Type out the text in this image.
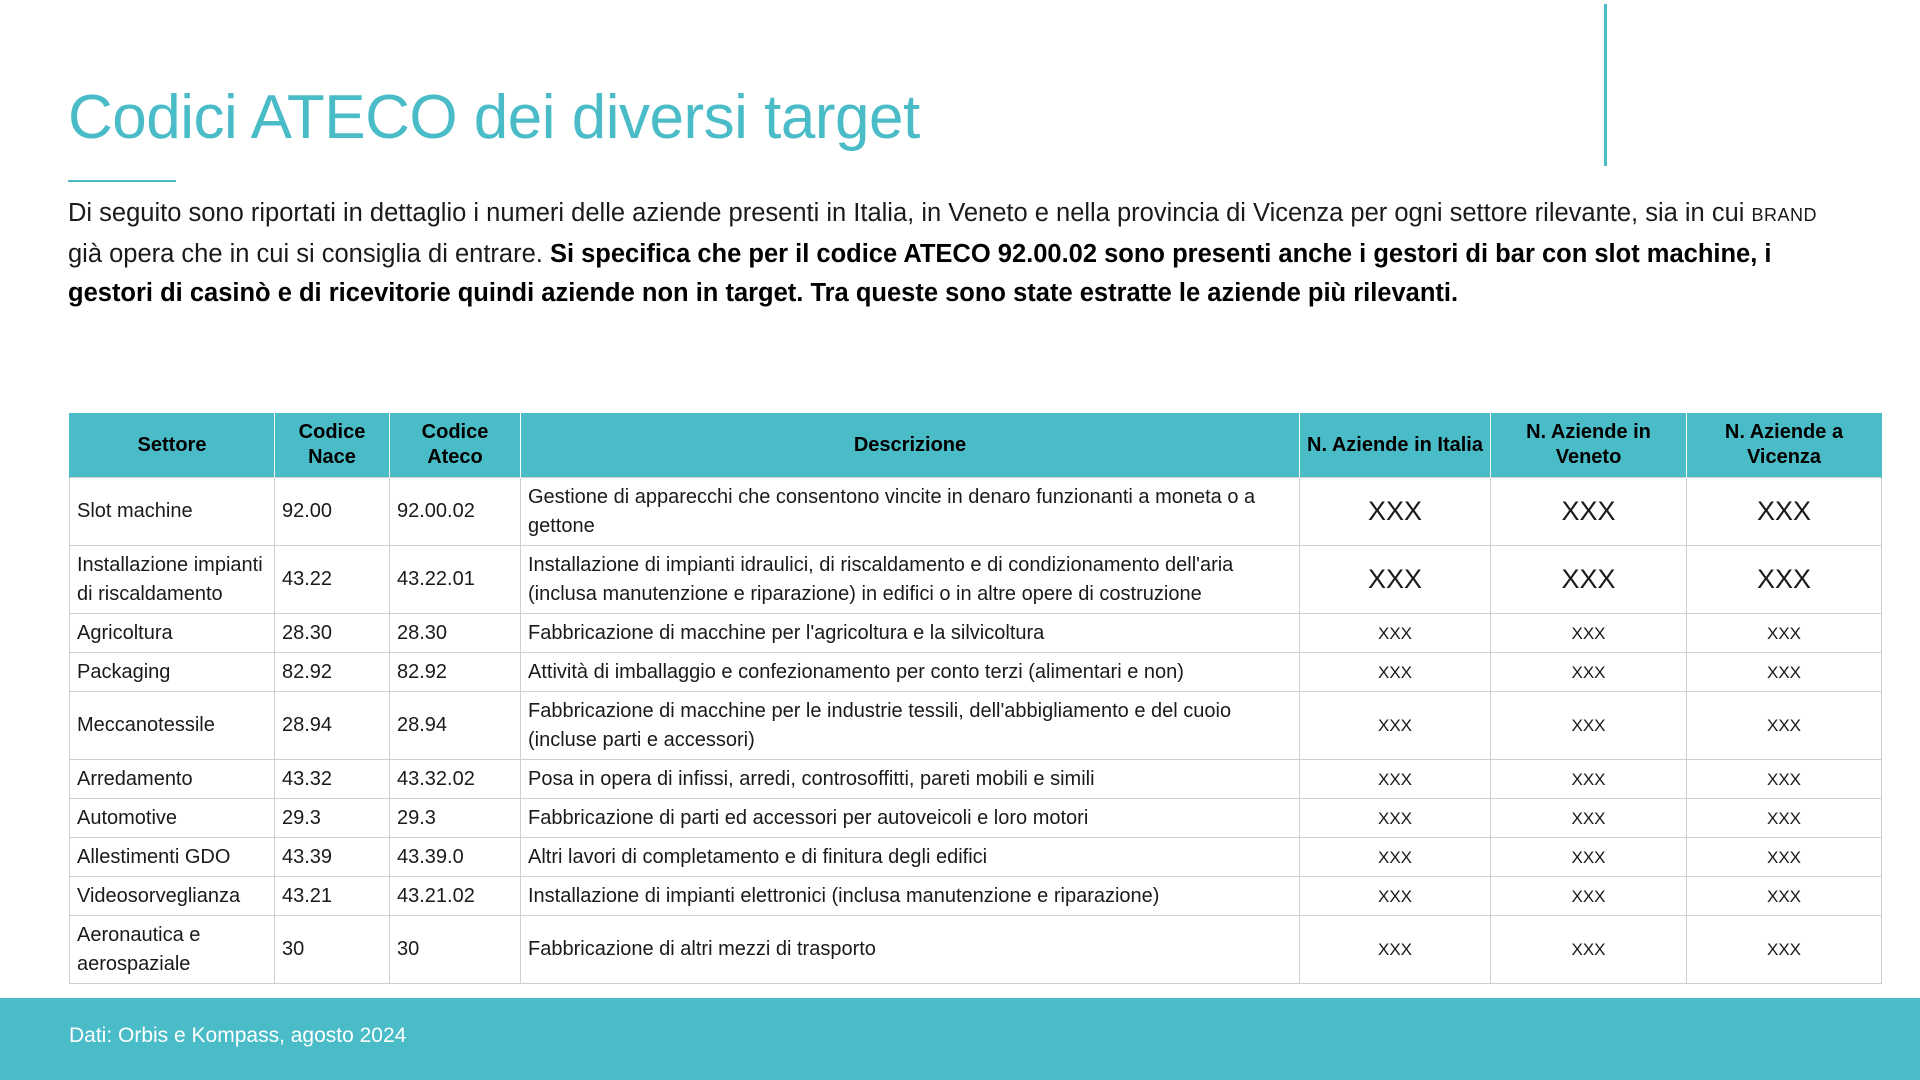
Codici ATECO dei diversi target

Di seguito sono riportati in dettaglio i numeri delle aziende presenti in Italia, in Veneto e nella provincia di Vicenza per ogni settore rilevante, sia in cui BRAND già opera che in cui si consiglia di entrare. Si specifica che per il codice ATECO 92.00.02 sono presenti anche i gestori di bar con slot machine, i gestori di casinò e di ricevitorie quindi aziende non in target. Tra queste sono state estratte le aziende più rilevanti.

Settore	Codice Nace	Codice Ateco	Descrizione	N. Aziende in Italia	N. Aziende in Veneto	N. Aziende a Vicenza
Slot machine	92.00	92.00.02	Gestione di apparecchi che consentono vincite in denaro funzionanti a moneta o a gettone	XXX	XXX	XXX
Installazione impianti di riscaldamento	43.22	43.22.01	Installazione di impianti idraulici, di riscaldamento e di condizionamento dell'aria (inclusa manutenzione e riparazione) in edifici o in altre opere di costruzione	XXX	XXX	XXX
Agricoltura	28.30	28.30	Fabbricazione di macchine per l'agricoltura e la silvicoltura	XXX	XXX	XXX
Packaging	82.92	82.92	Attività di imballaggio e confezionamento per conto terzi (alimentari e non)	XXX	XXX	XXX
Meccanotessile	28.94	28.94	Fabbricazione di macchine per le industrie tessili, dell'abbigliamento e del cuoio (incluse parti e accessori)	XXX	XXX	XXX
Arredamento	43.32	43.32.02	Posa in opera di infissi, arredi, controsoffitti, pareti mobili e simili	XXX	XXX	XXX
Automotive	29.3	29.3	Fabbricazione di parti ed accessori per autoveicoli e loro motori	XXX	XXX	XXX
Allestimenti GDO	43.39	43.39.0	Altri lavori di completamento e di finitura degli edifici	XXX	XXX	XXX
Videosorveglianza	43.21	43.21.02	Installazione di impianti elettronici (inclusa manutenzione e riparazione)	XXX	XXX	XXX
Aeronautica e aerospaziale	30	30	Fabbricazione di altri mezzi di trasporto	XXX	XXX	XXX
Dati: Orbis e Kompass, agosto 2024
